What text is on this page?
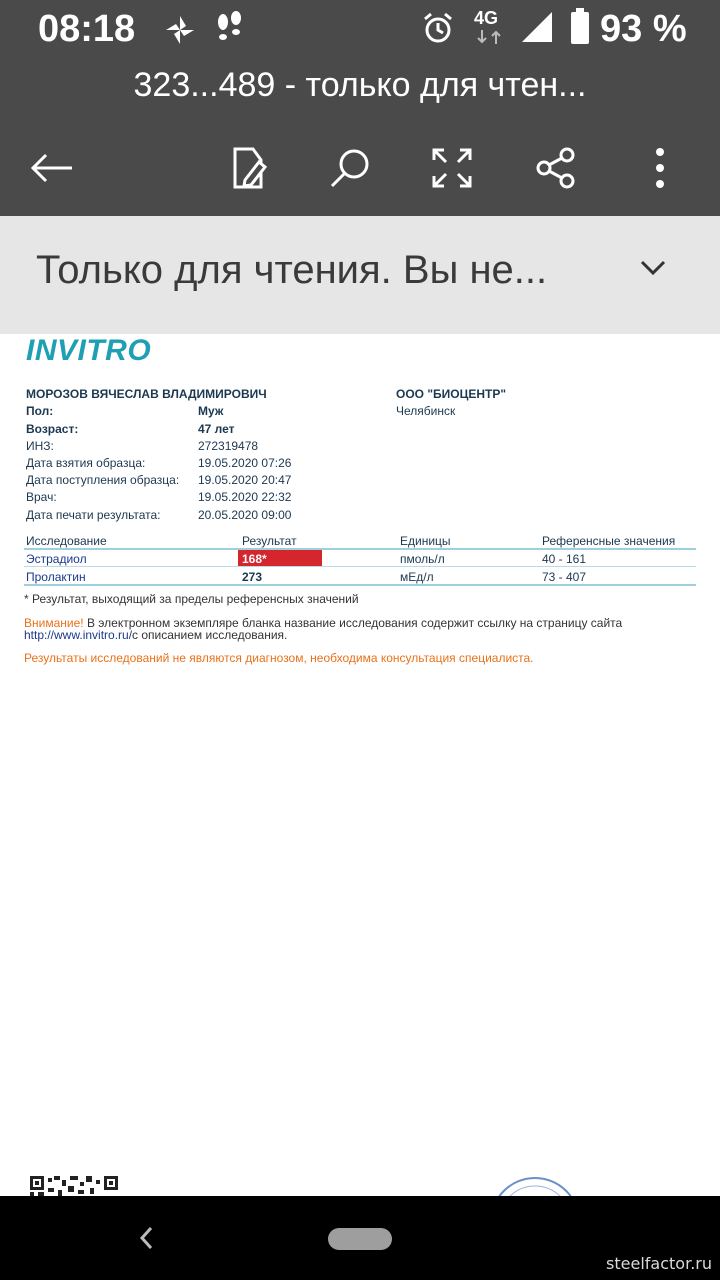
08:18	4G	93 %
323...489 - только для чтен...
Только для чтения. Вы не...
INVITRO
МОРОЗОВ ВЯЧЕСЛАВ ВЛАДИМИРОВИЧ	ООО "БИОЦЕНТР"
Челябинск
Пол:	Муж
Возраст:	47 лет
ИНЗ:	272319478
Дата взятия образца:	19.05.2020 07:26
Дата поступления образца: 19.05.2020 20:47
Врач:	19.05.2020 22:32
Дата печати результата:	20.05.2020 09:00
Исследование	Результат	Единицы	Референсные значения
Эстрадиол	168*	пмоль/л	40 - 161
Пролактин	273	мЕд/л	73 - 407
* Результат, выходящий за пределы референсных значений
Внимание! В электронном экземпляре бланка название исследования содержит ссылку на страницу сайта
http://www.invitro.ru/с описанием исследования.
Результаты исследований не являются диагнозом, необходима консультация специалиста.
steelfactor.ru
